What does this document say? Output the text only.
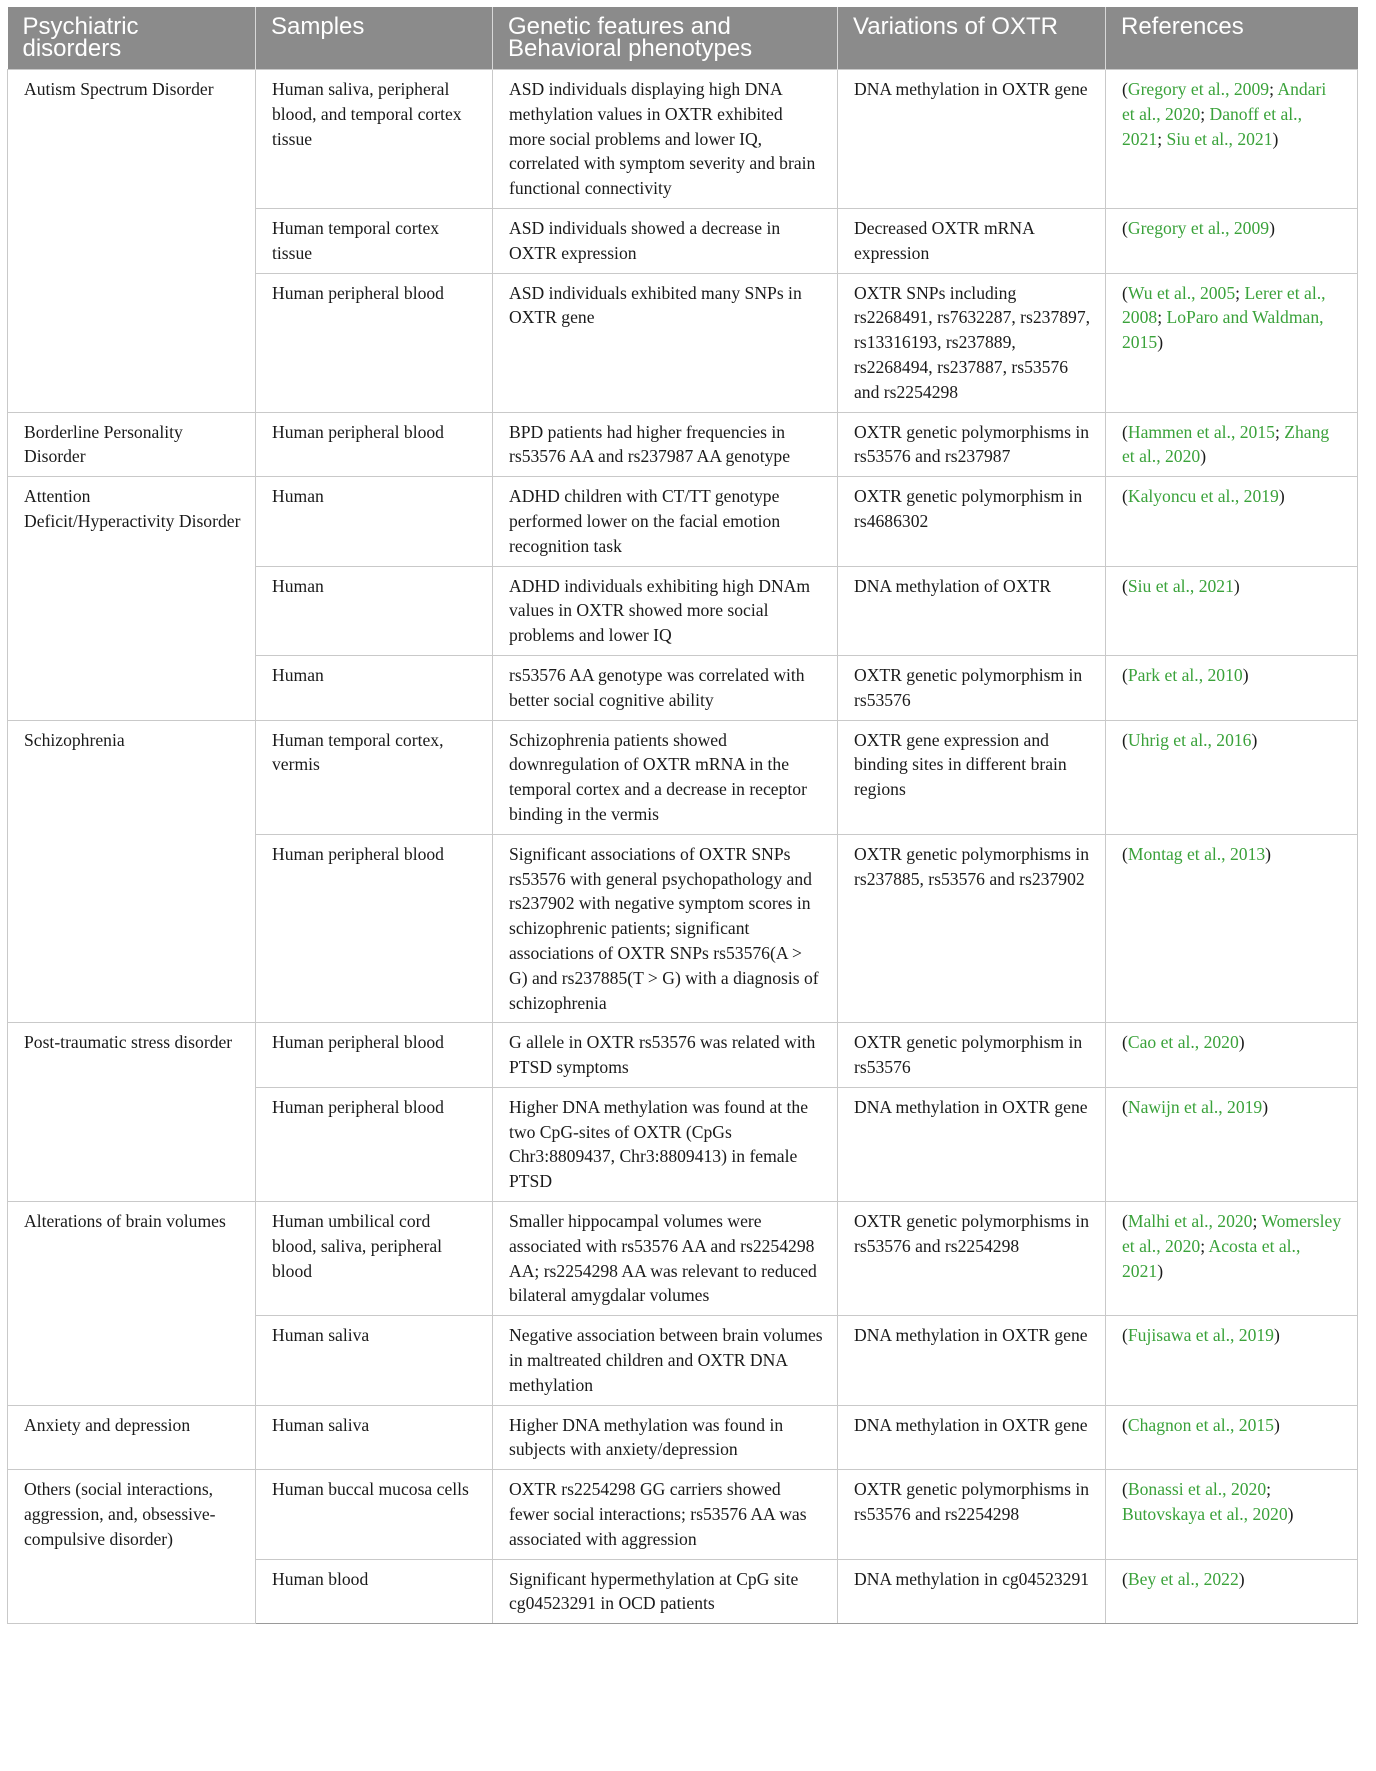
Psychiatric disorders	Samples	Genetic features and Behavioral phenotypes	Variations of OXTR	References
Autism Spectrum Disorder	Human saliva, peripheral blood, and temporal cortex tissue	ASD individuals displaying high DNA methylation values in OXTR exhibited more social problems and lower IQ, correlated with symptom severity and brain functional connectivity	DNA methylation in OXTR gene	(Gregory et al., 2009; Andari et al., 2020; Danoff et al., 2021; Siu et al., 2021)
	Human temporal cortex tissue	ASD individuals showed a decrease in OXTR expression	Decreased OXTR mRNA expression	(Gregory et al., 2009)
	Human peripheral blood	ASD individuals exhibited many SNPs in OXTR gene	OXTR SNPs including rs2268491, rs7632287, rs237897, rs13316193, rs237889, rs2268494, rs237887, rs53576 and rs2254298	(Wu et al., 2005; Lerer et al., 2008; LoParo and Waldman, 2015)
Borderline Personality Disorder	Human peripheral blood	BPD patients had higher frequencies in rs53576 AA and rs237987 AA genotype	OXTR genetic polymorphisms in rs53576 and rs237987	(Hammen et al., 2015; Zhang et al., 2020)
Attention Deficit/Hyperactivity Disorder	Human	ADHD children with CT/TT genotype performed lower on the facial emotion recognition task	OXTR genetic polymorphism in rs4686302	(Kalyoncu et al., 2019)
	Human	ADHD individuals exhibiting high DNAm values in OXTR showed more social problems and lower IQ	DNA methylation of OXTR	(Siu et al., 2021)
	Human	rs53576 AA genotype was correlated with better social cognitive ability	OXTR genetic polymorphism in rs53576	(Park et al., 2010)
Schizophrenia	Human temporal cortex, vermis	Schizophrenia patients showed downregulation of OXTR mRNA in the temporal cortex and a decrease in receptor binding in the vermis	OXTR gene expression and binding sites in different brain regions	(Uhrig et al., 2016)
	Human peripheral blood	Significant associations of OXTR SNPs rs53576 with general psychopathology and rs237902 with negative symptom scores in schizophrenic patients; significant associations of OXTR SNPs rs53576(A > G) and rs237885(T > G) with a diagnosis of schizophrenia	OXTR genetic polymorphisms in rs237885, rs53576 and rs237902	(Montag et al., 2013)
Post-traumatic stress disorder	Human peripheral blood	G allele in OXTR rs53576 was related with PTSD symptoms	OXTR genetic polymorphism in rs53576	(Cao et al., 2020)
	Human peripheral blood	Higher DNA methylation was found at the two CpG-sites of OXTR (CpGs Chr3:8809437, Chr3:8809413) in female PTSD	DNA methylation in OXTR gene	(Nawijn et al., 2019)
Alterations of brain volumes	Human umbilical cord blood, saliva, peripheral blood	Smaller hippocampal volumes were associated with rs53576 AA and rs2254298 AA; rs2254298 AA was relevant to reduced bilateral amygdalar volumes	OXTR genetic polymorphisms in rs53576 and rs2254298	(Malhi et al., 2020; Womersley et al., 2020; Acosta et al., 2021)
	Human saliva	Negative association between brain volumes in maltreated children and OXTR DNA methylation	DNA methylation in OXTR gene	(Fujisawa et al., 2019)
Anxiety and depression	Human saliva	Higher DNA methylation was found in subjects with anxiety/depression	DNA methylation in OXTR gene	(Chagnon et al., 2015)
Others (social interactions, aggression, and, obsessive-compulsive disorder)	Human buccal mucosa cells	OXTR rs2254298 GG carriers showed fewer social interactions; rs53576 AA was associated with aggression	OXTR genetic polymorphisms in rs53576 and rs2254298	(Bonassi et al., 2020; Butovskaya et al., 2020)
	Human blood	Significant hypermethylation at CpG site cg04523291 in OCD patients	DNA methylation in cg04523291	(Bey et al., 2022)
